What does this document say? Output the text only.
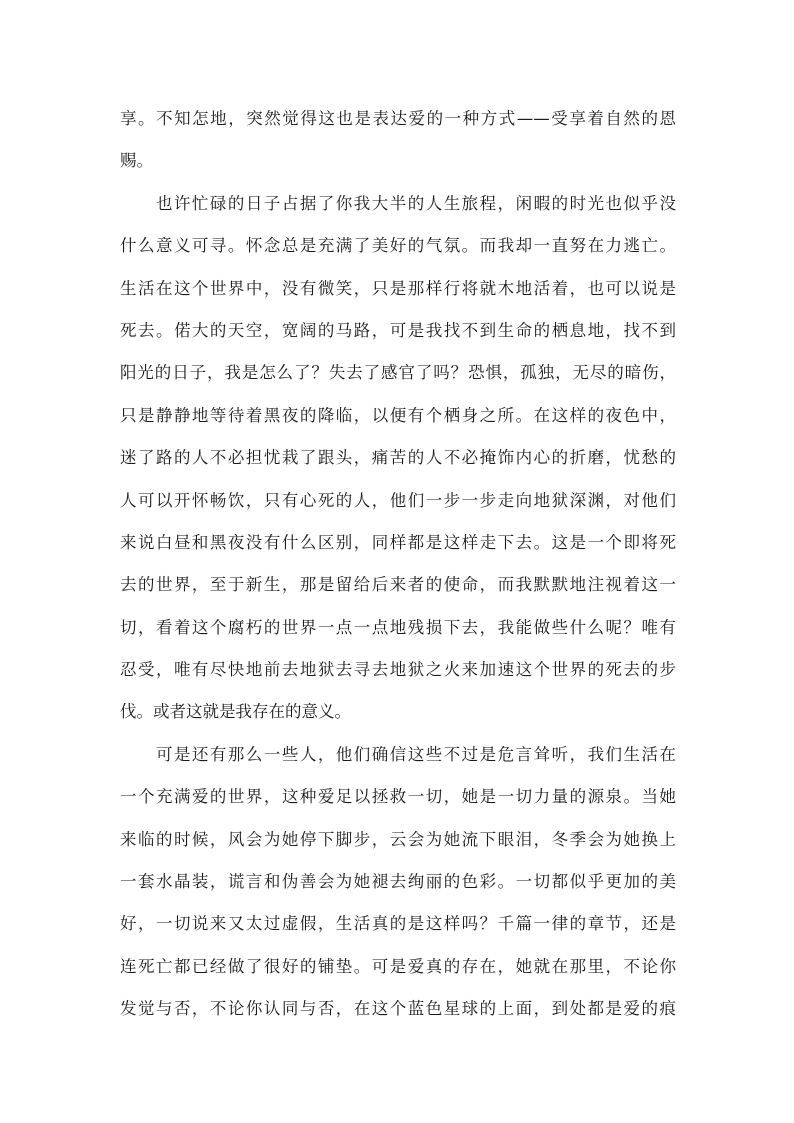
享。不知怎地，突然觉得这也是表达爱的一种方式——受享着自然的恩
赐。
　　也许忙碌的日子占据了你我大半的人生旅程，闲暇的时光也似乎没
什么意义可寻。怀念总是充满了美好的气氛。而我却一直努在力逃亡。
生活在这个世界中，没有微笑，只是那样行将就木地活着，也可以说是
死去。偌大的天空，宽阔的马路，可是我找不到生命的栖息地，找不到
阳光的日子，我是怎么了？失去了感官了吗？恐惧，孤独，无尽的暗伤，
只是静静地等待着黑夜的降临，以便有个栖身之所。在这样的夜色中，
迷了路的人不必担忧栽了跟头，痛苦的人不必掩饰内心的折磨，忧愁的
人可以开怀畅饮，只有心死的人，他们一步一步走向地狱深渊，对他们
来说白昼和黑夜没有什么区别，同样都是这样走下去。这是一个即将死
去的世界，至于新生，那是留给后来者的使命，而我默默地注视着这一
切，看着这个腐朽的世界一点一点地残损下去，我能做些什么呢？唯有
忍受，唯有尽快地前去地狱去寻去地狱之火来加速这个世界的死去的步
伐。或者这就是我存在的意义。
　　可是还有那么一些人，他们确信这些不过是危言耸听，我们生活在
一个充满爱的世界，这种爱足以拯救一切，她是一切力量的源泉。当她
来临的时候，风会为她停下脚步，云会为她流下眼泪，冬季会为她换上
一套水晶装，谎言和伪善会为她褪去绚丽的色彩。一切都似乎更加的美
好，一切说来又太过虚假，生活真的是这样吗？千篇一律的章节，还是
连死亡都已经做了很好的铺垫。可是爱真的存在，她就在那里，不论你
发觉与否，不论你认同与否，在这个蓝色星球的上面，到处都是爱的痕
